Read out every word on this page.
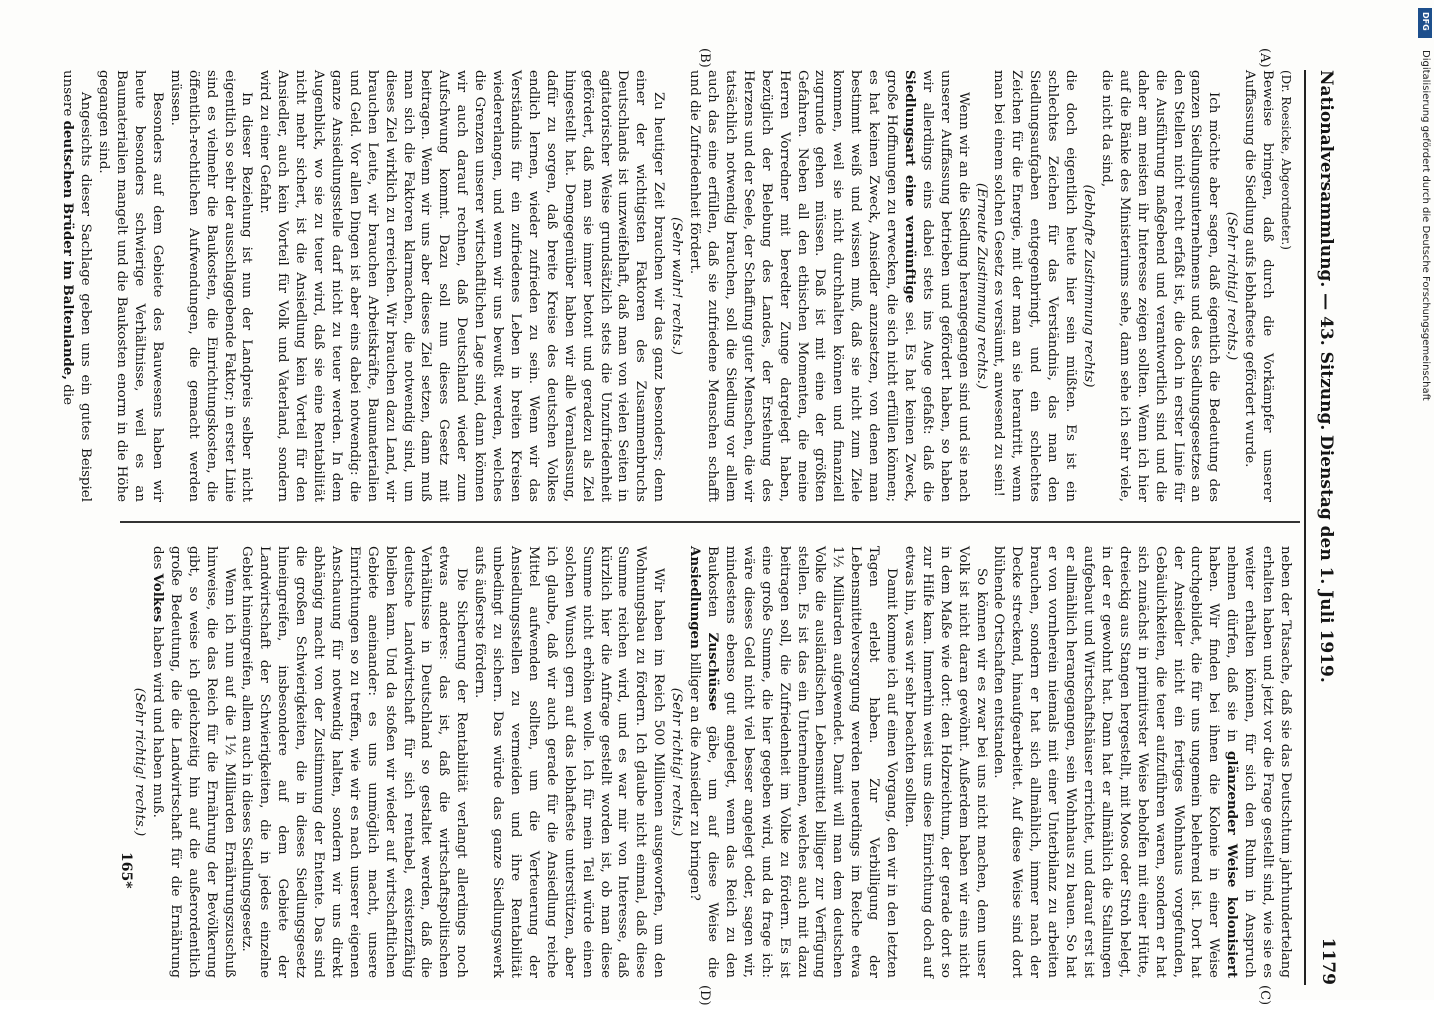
Nationalversammlung. — 43. Sitzung.
Dienstag den 1. Juli 1919.
1179
(A)
(B)
(C)
(D)

(Dr. Roesicke, Abgeordneter.)

Beweise bringen, daß durch die Vorkämpfer unserer Auffassung die Siedlung aufs lebhafteste gefördert wurde.

(Sehr richtig! rechts.)

Ich möchte aber sagen, daß eigentlich die Bedeutung des ganzen Siedlungsunternehmens und des Siedlungsgesetzes an den Stellen nicht recht erfaßt ist, die doch in erster Linie für die Ausführung maßgebend und verantwortlich sind und die daher am meisten ihr Interesse zeigen sollten. Wenn ich hier auf die Bänke des Ministeriums sehe, dann sehe ich sehr viele, die nicht da sind,

(lebhafte Zustimmung rechts)

die doch eigentlich heute hier sein müßten. Es ist ein schlechtes Zeichen für das Verständnis, das man den Siedlungsaufgaben entgegenbringt, und ein schlechtes Zeichen für die Energie, mit der man an sie herantritt, wenn man bei einem solchen Gesetz es versäumt, anwesend zu sein!

(Erneute Zustimmung rechts.)

Wenn wir an die Siedlung herangegangen sind und sie nach unserer Auffassung betrieben und gefördert haben, so haben wir allerdings eins dabei stets ins Auge gefaßt: daß die Siedlungsart eine vernünftige sei. Es hat keinen Zweck, große Hoffnungen zu erwecken, die sich nicht erfüllen können; es hat keinen Zweck, Ansiedler anzusetzen, von denen man bestimmt weiß und wissen muß, daß sie nicht zum Ziele kommen, weil sie nicht durchhalten können und finanziell zugrunde gehen müssen. Daß ist mit eine der größten Gefahren. Neben all den ethischen Momenten, die meine Herren Vorredner mit beredter Zunge dargelegt haben, bezüglich der Belebung des Landes, der Erstehung des Herzens und der Seele, der Schaffung guter Menschen, die wir tatsächlich notwendig brauchen, soll die Siedlung vor allem auch das eine erfüllen, daß sie zufriedene Menschen schafft und die Zufriedenheit fördert.

(Sehr wahr! rechts.)

Zu heutiger Zeit brauchen wir das ganz besonders; denn einer der wichtigsten Faktoren des Zusammenbruchs Deutschlands ist unzweifelhaft, daß man von vielen Seiten in agitatorischer Weise grundsätzlich stets die Unzufriedenheit gefördert, daß man sie immer betont und geradezu als Ziel hingestellt hat. Demgegenüber haben wir alle Veranlassung, dafür zu sorgen, daß breite Kreise des deutschen Volkes endlich lernen, wieder zufrieden zu sein. Wenn wir das Verständnis für ein zufriedenes Leben in breiten Kreisen wiedererlangen, und wenn wir uns bewußt werden, welches die Grenzen unserer wirtschaftlichen Lage sind, dann können wir auch darauf rechnen, daß Deutschland wieder zum Aufschwung kommt. Dazu soll nun dieses Gesetz mit beitragen. Wenn wir uns aber dieses Ziel setzen, dann muß man sich die Faktoren klarmachen, die notwendig sind, um dieses Ziel wirklich zu erreichen. Wir brauchen dazu Land, wir brauchen Leute, wir brauchen Arbeitskräfte, Baumaterialien und Geld. Vor allen Dingen ist aber eins dabei notwendig: die ganze Ansiedlungsstelle darf nicht zu teuer werden. In dem Augenblick, wo sie zu teuer wird, daß sie eine Rentabilität nicht mehr sichert, ist die Ansiedlung kein Vorteil für den Ansiedler, auch kein Vorteil für Volk und Vaterland, sondern wird zu einer Gefahr.

In dieser Beziehung ist nun der Landpreis selber nicht eigentlich so sehr der ausschlaggebende Faktor; in erster Linie sind es vielmehr die Baukosten, die Einrichtungskosten, die öffentlich-rechtlichen Aufwendungen, die gemacht werden müssen.

Besonders auf dem Gebiete des Bauwesens haben wir heute besonders schwierige Verhältnisse, weil es an Baumaterialien mangelt und die Baukosten enorm in die Höhe gegangen sind.

Angesichts dieser Sachlage geben uns ein gutes Beispiel unsere deutschen Brüder im Baltenlande, die

neben der Tatsache, daß sie das Deutschtum jahrhundertelang erhalten haben und jetzt vor die Frage gestellt sind, wie sie es weiter erhalten können, für sich den Ruhm in Anspruch nehmen dürfen, daß sie in glänzender Weise kolonisiert haben. Wir finden bei ihnen die Kolonie in einer Weise durchgebildet, die für uns ungemein belehrend ist. Dort hat der Ansiedler nicht ein fertiges Wohnhaus vorgefunden, Gebäulichkeiten, die teuer aufzuführen waren, sondern er hat sich zunächst in primitivster Weise beholfen mit einer Hütte, dreieckig aus Stangen hergestellt, mit Moos oder Stroh belegt, in der er gewohnt hat. Dann hat er allmählich die Stallungen aufgebaut und Wirtschaftshäuser errichtet, und darauf erst ist er allmählich herangegangen, sein Wohnhaus zu bauen. So hat er von vornherein niemals mit einer Unterbilanz zu arbeiten brauchen, sondern er hat sich allmählich, immer nach der Decke streckend, hinaufgearbeitet. Auf diese Weise sind dort blühende Ortschaften entstanden.

So können wir es zwar bei uns nicht machen, denn unser Volk ist nicht daran gewöhnt. Außerdem haben wir eins nicht in dem Maße wie dort: den Holzreichtum, der gerade dort so zur Hilfe kam. Immerhin weist uns diese Einrichtung doch auf etwas hin, was wir sehr beachten sollten.

Damit komme ich auf einen Vorgang, den wir in den letzten Tagen erlebt haben. Zur Verbilligung der Lebensmittelversorgung werden neuerdings im Reiche etwa 1½ Milliarden aufgewendet. Damit will man dem deutschen Volke die ausländischen Lebensmittel billiger zur Verfügung stellen. Es ist das ein Unternehmen, welches auch mit dazu beitragen soll, die Zufriedenheit im Volke zu fördern. Es ist eine große Summe, die hier gegeben wird, und da frage ich: wäre dieses Geld nicht viel besser angelegt oder, sagen wir, mindestens ebenso gut angelegt, wenn das Reich zu den Baukosten Zuschüsse gäbe, um auf diese Weise die Ansiedlungen billiger an die Ansiedler zu bringen?

(Sehr richtig! rechts.)

Wir haben im Reich 500 Millionen ausgeworfen, um den Wohnungsbau zu fördern. Ich glaube nicht einmal, daß diese Summe reichen wird, und es war mir von Interesse, daß kürzlich hier die Anfrage gestellt worden ist, ob man diese Summe nicht erhöhen wolle. Ich für mein Teil würde einen solchen Wunsch gern auf das lebhafteste unterstützen, aber ich glaube, daß wir auch gerade für die Ansiedlung reiche Mittel aufwenden sollten, um die Verteuerung der Ansiedlungsstellen zu vermeiden und ihre Rentabilität unbedingt zu sichern. Das würde das ganze Siedlungswerk aufs äußerste fördern.

Die Sicherung der Rentabilität verlangt allerdings noch etwas anderes: das ist, daß die wirtschaftspolitischen Verhältnisse in Deutschland so gestaltet werden, daß die deutsche Landwirtschaft für sich rentabel, existenzfähig bleiben kann. Und da stoßen wir wieder auf wirtschaftlichen Gebiete aneinander: es uns unmöglich macht, unsere Einrichtungen so zu treffen, wie wir es nach unserer eigenen Anschauung für notwendig halten, sondern wir uns direkt abhängig macht von der Zustimmung der Entente. Das sind die großen Schwierigkeiten, die in dieses Siedlungsgesetz hineingreifen, insbesondere auf dem Gebiete der Landwirtschaft der Schwierigkeiten, die in jedes einzelne Gebiet hineingreifen, allem auch in dieses Siedlungsgesetz.

Wenn ich nun auf die 1½ Milliarden Ernährungszuschuß hinweise, die das Reich für die Ernährung der Bevölkerung gibt, so weise ich gleichzeitig hin auf die außerordentlich große Bedeutung, die die Landwirtschaft für die Ernährung des Volkes haben wird und haben muß.

(Sehr richtig! rechts.)

165*
DFG
Digitalisierung gefördert durch die Deutsche Forschungsgemeinschaft
